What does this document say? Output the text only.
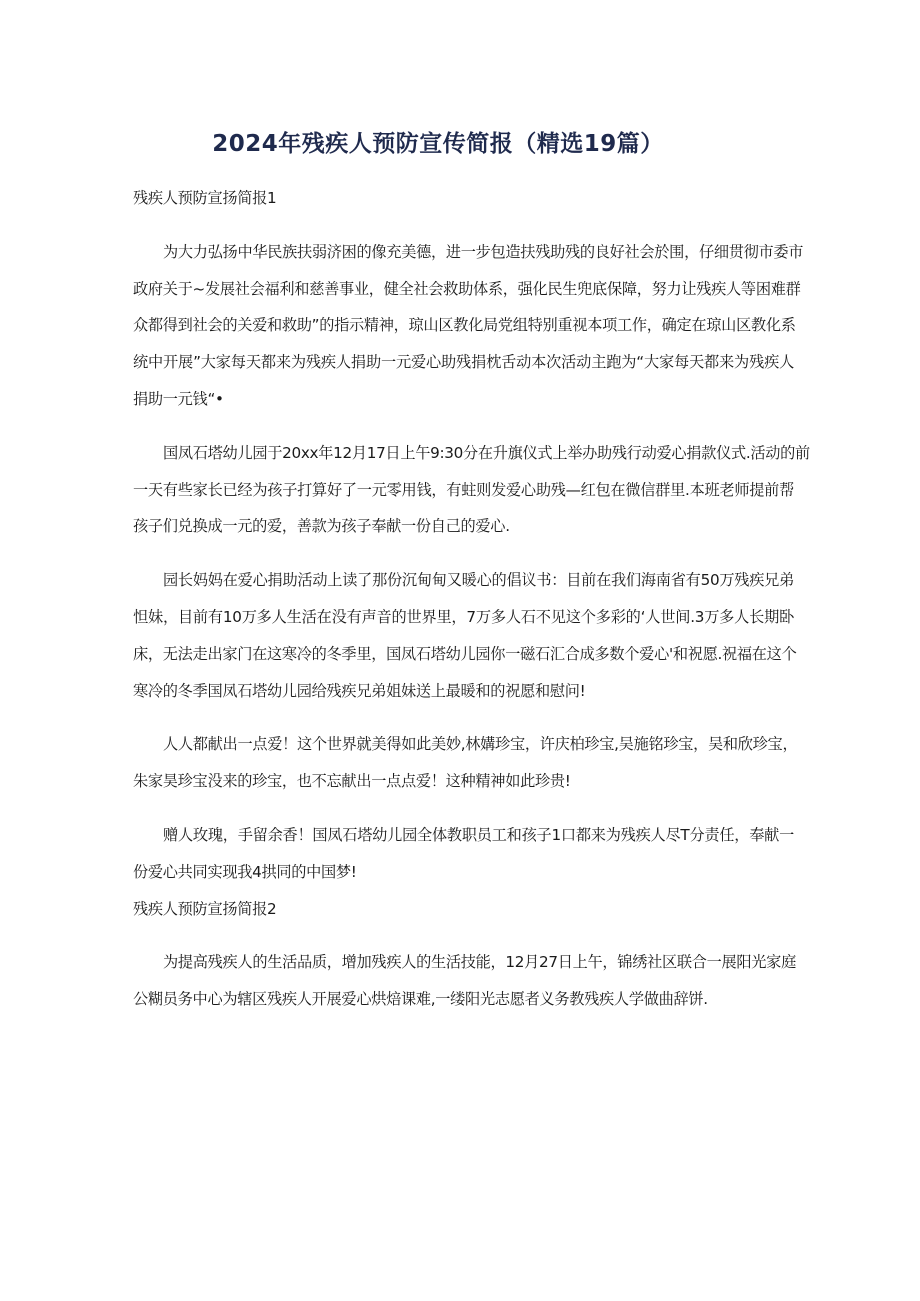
2024年残疾人预防宣传简报（精选19篇）
残疾人预防宣扬简报1
为大力弘扬中华民族扶弱济困的像充美德，进一步包造扶残助残的良好社会於围，仔细贯彻市委市
政府关于~发展社会福利和慈善事业，健全社会救助体系，强化民生兜底保障，努力让残疾人等困难群
众都得到社会的关爱和救助”的指示精神，琼山区教化局党组特别重视本项工作，确定在琼山区教化系
统中开展”大家每天都来为残疾人捐助一元爱心助残捐枕舌动本次活动主跑为“大家每天都来为残疾人
捐助一元钱“•
国凤石塔幼儿园于20xx年12月17日上午9:30分在升旗仪式上举办助残行动爱心捐款仪式.活动的前
一天有些家长已经为孩子打算好了一元零用钱，有蛀则发爱心助残—红包在微信群里.本班老师提前帮
孩子们兑换成一元的爱，善款为孩子奉献一份自己的爱心.
园长妈妈在爱心捐助活动上读了那份沉甸甸又暖心的倡议书：目前在我们海南省有50万残疾兄弟
怛妹，目前有10万多人生活在没有声音的世界里，7万多人石不见这个多彩的‘人世间.3万多人长期卧
床，无法走出家门在这寒冷的冬季里，国凤石塔幼儿园你一磁石汇合成多数个爱心'和祝愿.祝福在这个
寒冷的冬季国凤石塔幼儿园给残疾兄弟姐妹送上最暖和的祝愿和慰问!
人人都献出一点爱！这个世界就美得如此美妙,林媾珍宝，许庆柏珍宝,吴施铭珍宝，吴和欣珍宝，
朱家昊珍宝没来的珍宝，也不忘献出一点点爱！这种精神如此珍贵!
赠人玫瑰，手留余香！国凤石塔幼儿园全体教职员工和孩子1口都来为残疾人尽T分责任，奉献一
份爱心共同实现我4拱同的中国梦!
残疾人预防宣扬简报2
为提高残疾人的生活品质，增加残疾人的生活技能，12月27日上午，锦绣社区联合一展阳光家庭
公糊员务中心为辖区残疾人开展爱心烘焙课难,一缕阳光志愿者义务教残疾人学做曲辞饼.
